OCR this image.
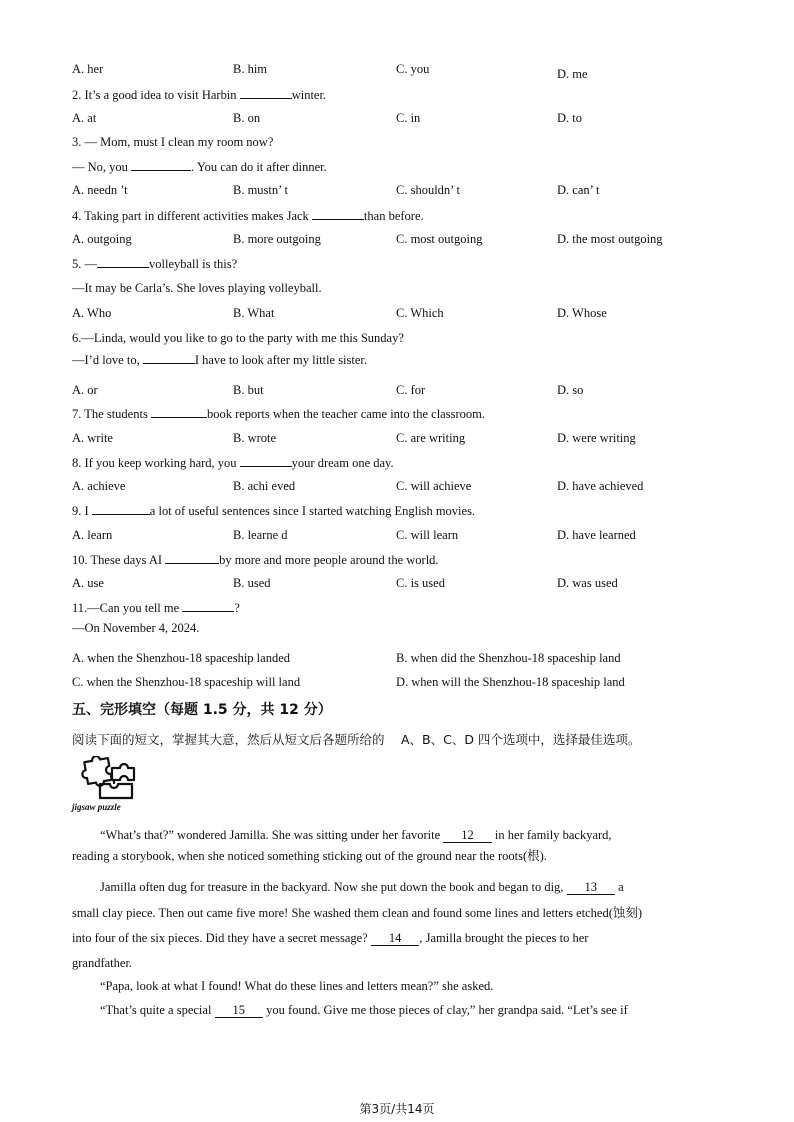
A. her	B. him	C. you	D. me
2. It’s a good idea to visit Harbin	winter.
A. at	B. on	C. in	D. to
3. — Mom, must I clean my room now?
— No, you	. You can do it after dinner.
A. needn ’t	B. mustn’ t	C. shouldn’ t	D. can’ t
4. Taking part in different activities makes Jack	than before.
A. outgoing	B. more outgoing	C. most outgoing	D. the most outgoing
5. —	volleyball is this?
—It may be Carla’s. She loves playing volleyball.
A. Who	B. What	C. Which	D. Whose
6.—Linda, would you like to go to the party with me this Sunday?
—I’d love to,	I have to look after my little sister.
A. or	B. but	C. for	D. so
7. The students	book reports when the teacher came into the classroom.
A. write	B. wrote	C. are writing	D. were writing
8. If you keep working hard, you	your dream one day.
A. achieve	B. achi eved	C. will achieve	D. have achieved
9. I	a lot of useful sentences since I started watching English movies.
A. learn	B. learne d	C. will learn	D. have learned
10. These days AI	by more and more people around the world.
A. use	B. used	C. is used	D. was used
11.—Can you tell me	?
—On November 4, 2024.
A. when the Shenzhou-18 spaceship landed	B. when did the Shenzhou-18 spaceship land
C. when the Shenzhou-18 spaceship will land	D. when will the Shenzhou-18 spaceship land
五、完形填空（每题 1.5 分，共 12 分）
阅读下面的短文，掌握其大意，然后从短文后各题所给的　 A、B、C、D 四个选项中，选择最佳选项。
jigsaw puzzle
“What’s that?” wondered Jamilla. She was sitting under her favorite 12 in her family backyard,
reading a storybook, when she noticed something sticking out of the ground near the roots(根).
Jamilla often dug for treasure in the backyard. Now she put down the book and began to dig, 13 a
small clay piece. Then out came five more! She washed them clean and found some lines and letters etched(蚀刻)
into four of the six pieces. Did they have a secret message? 14 , Jamilla brought the pieces to her
grandfather.
“Papa, look at what I found! What do these lines and letters mean?” she asked.
“That’s quite a special 15 you found. Give me those pieces of clay,” her grandpa said. “Let’s see if
第3页/共14页
